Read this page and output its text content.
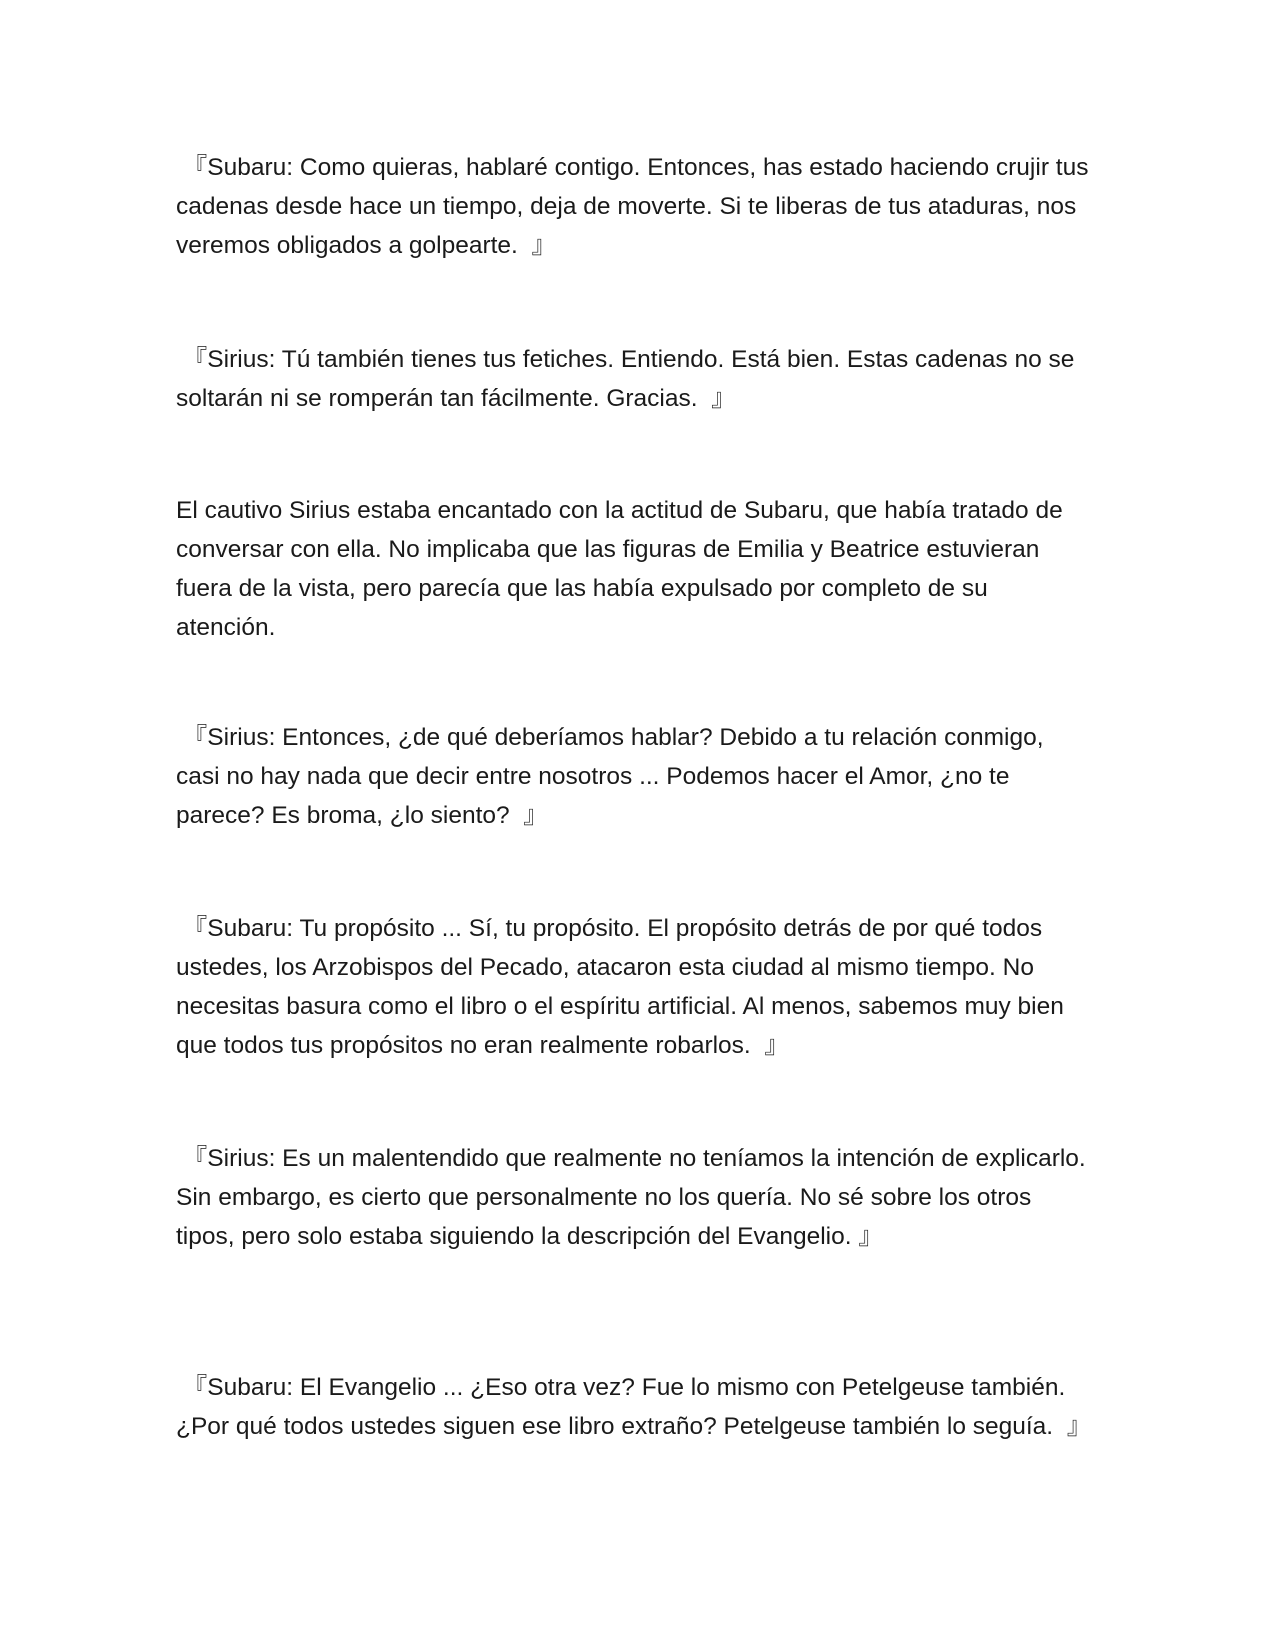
『Subaru: Como quieras, hablaré contigo. Entonces, has estado haciendo crujir tus cadenas desde hace un tiempo, deja de moverte. Si te liberas de tus ataduras, nos veremos obligados a golpearte.  』

『Sirius: Tú también tienes tus fetiches. Entiendo. Está bien. Estas cadenas no se soltarán ni se romperán tan fácilmente. Gracias.  』

El cautivo Sirius estaba encantado con la actitud de Subaru, que había tratado de conversar con ella. No implicaba que las figuras de Emilia y Beatrice estuvieran fuera de la vista, pero parecía que las había expulsado por completo de su atención.

『Sirius: Entonces, ¿de qué deberíamos hablar? Debido a tu relación conmigo, casi no hay nada que decir entre nosotros ... Podemos hacer el Amor, ¿no te parece? Es broma, ¿lo siento?  』

『Subaru: Tu propósito ... Sí, tu propósito. El propósito detrás de por qué todos ustedes, los Arzobispos del Pecado, atacaron esta ciudad al mismo tiempo. No necesitas basura como el libro o el espíritu artificial. Al menos, sabemos muy bien que todos tus propósitos no eran realmente robarlos.  』

『Sirius: Es un malentendido que realmente no teníamos la intención de explicarlo. Sin embargo, es cierto que personalmente no los quería. No sé sobre los otros tipos, pero solo estaba siguiendo la descripción del Evangelio. 』

『Subaru: El Evangelio ... ¿Eso otra vez? Fue lo mismo con Petelgeuse también. ¿Por qué todos ustedes siguen ese libro extraño? Petelgeuse también lo seguía.  』
